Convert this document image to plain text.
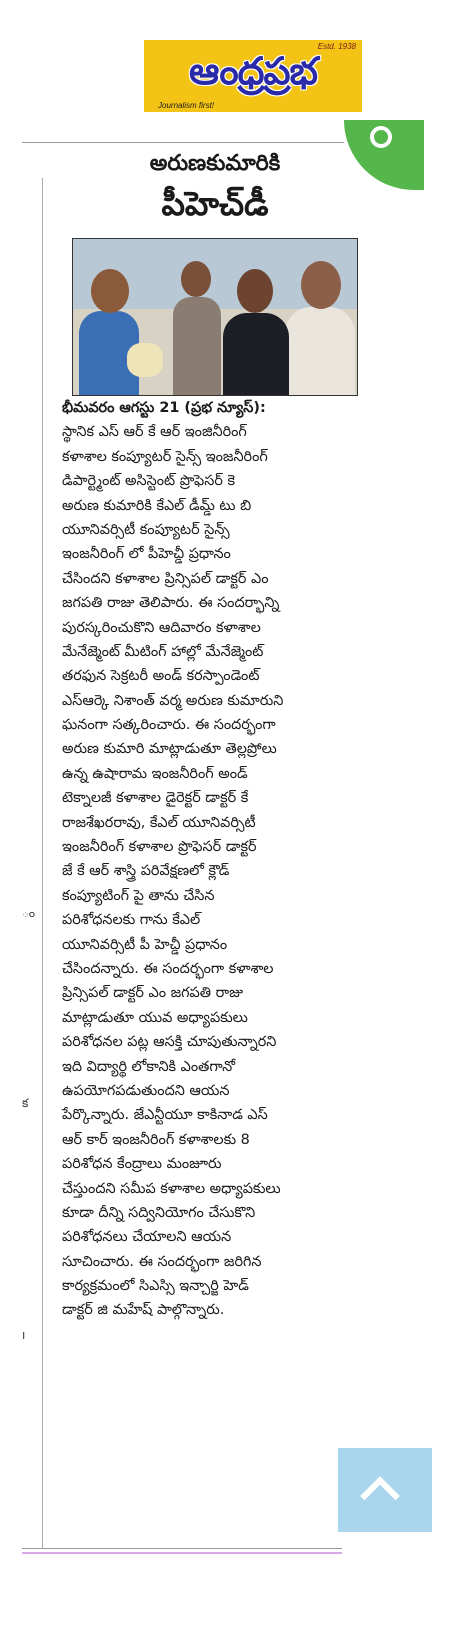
Estd. 1938
ఆంధ్రప్రభ
Journalism first!
ం
క
ı
అరుణకుమారికి
పీహెచ్‌డీ
భీమవరం ఆగస్టు 21 (ప్రభ న్యూస్):
స్థానిక ఎస్ ఆర్ కే ఆర్ ఇంజినీరింగ్
కళాశాల కంప్యూటర్ సైన్స్ ఇంజనీరింగ్
డిపార్ట్మెంట్ అసిస్టెంట్ ప్రొఫెసర్ కె
అరుణ కుమారికి కేఎల్ డీమ్డ్ టు బి
యూనివర్సిటీ కంప్యూటర్ సైన్స్
ఇంజనీరింగ్ లో పీహెచ్డీ ప్రధానం
చేసిందని కళాశాల ప్రిన్సిపల్ డాక్టర్ ఎం
జగపతి రాజు తెలిపారు. ఈ సందర్భాన్ని
పురస్కరించుకొని ఆదివారం కళాశాల
మేనేజ్మెంట్ మీటింగ్ హాల్లో మేనేజ్మెంట్
తరఫున సెక్రటరీ అండ్ కరస్పాండెంట్
ఎస్ఆర్కె నిశాంత్ వర్మ అరుణ కుమారుని
ఘనంగా సత్కరించారు. ఈ సందర్భంగా
అరుణ కుమారి మాట్లాడుతూ తెల్లప్రోలు
ఉన్న ఉషారామ ఇంజనీరింగ్ అండ్
టెక్నాలజీ కళాశాల డైరెక్టర్ డాక్టర్ కే
రాజశేఖరరావు, కేఎల్ యూనివర్సిటీ
ఇంజనీరింగ్ కళాశాల ప్రొఫెసర్ డాక్టర్
జే కే ఆర్ శాస్త్రి పరివేక్షణలో క్లౌడ్
కంప్యూటింగ్ పై తాను చేసిన
పరిశోధనలకు గాను కేఎల్
యూనివర్సిటీ పీ హెచ్డీ ప్రధానం
చేసిందన్నారు. ఈ సందర్భంగా కళాశాల
ప్రిన్సిపల్ డాక్టర్ ఎం జగపతి రాజు
మాట్లాడుతూ యువ అధ్యాపకులు
పరిశోధనల పట్ల ఆసక్తి చూపుతున్నారని
ఇది విద్యార్థి లోకానికి ఎంతగానో
ఉపయోగపడుతుందని ఆయన
పేర్కొన్నారు. జేఎన్టీయూ కాకినాడ ఎస్
ఆర్ కార్ ఇంజనీరింగ్ కళాశాలకు 8
పరిశోధన కేంద్రాలు మంజూరు
చేస్తుందని సమీప కళాశాల అధ్యాపకులు
కూడా దీన్ని సద్వినియోగం చేసుకొని
పరిశోధనలు చేయాలని ఆయన
సూచించారు. ఈ సందర్భంగా జరిగిన
కార్యక్రమంలో సిఎస్సి ఇన్చార్జి హెడ్
డాక్టర్ జి మహేష్ పాల్గొన్నారు.
